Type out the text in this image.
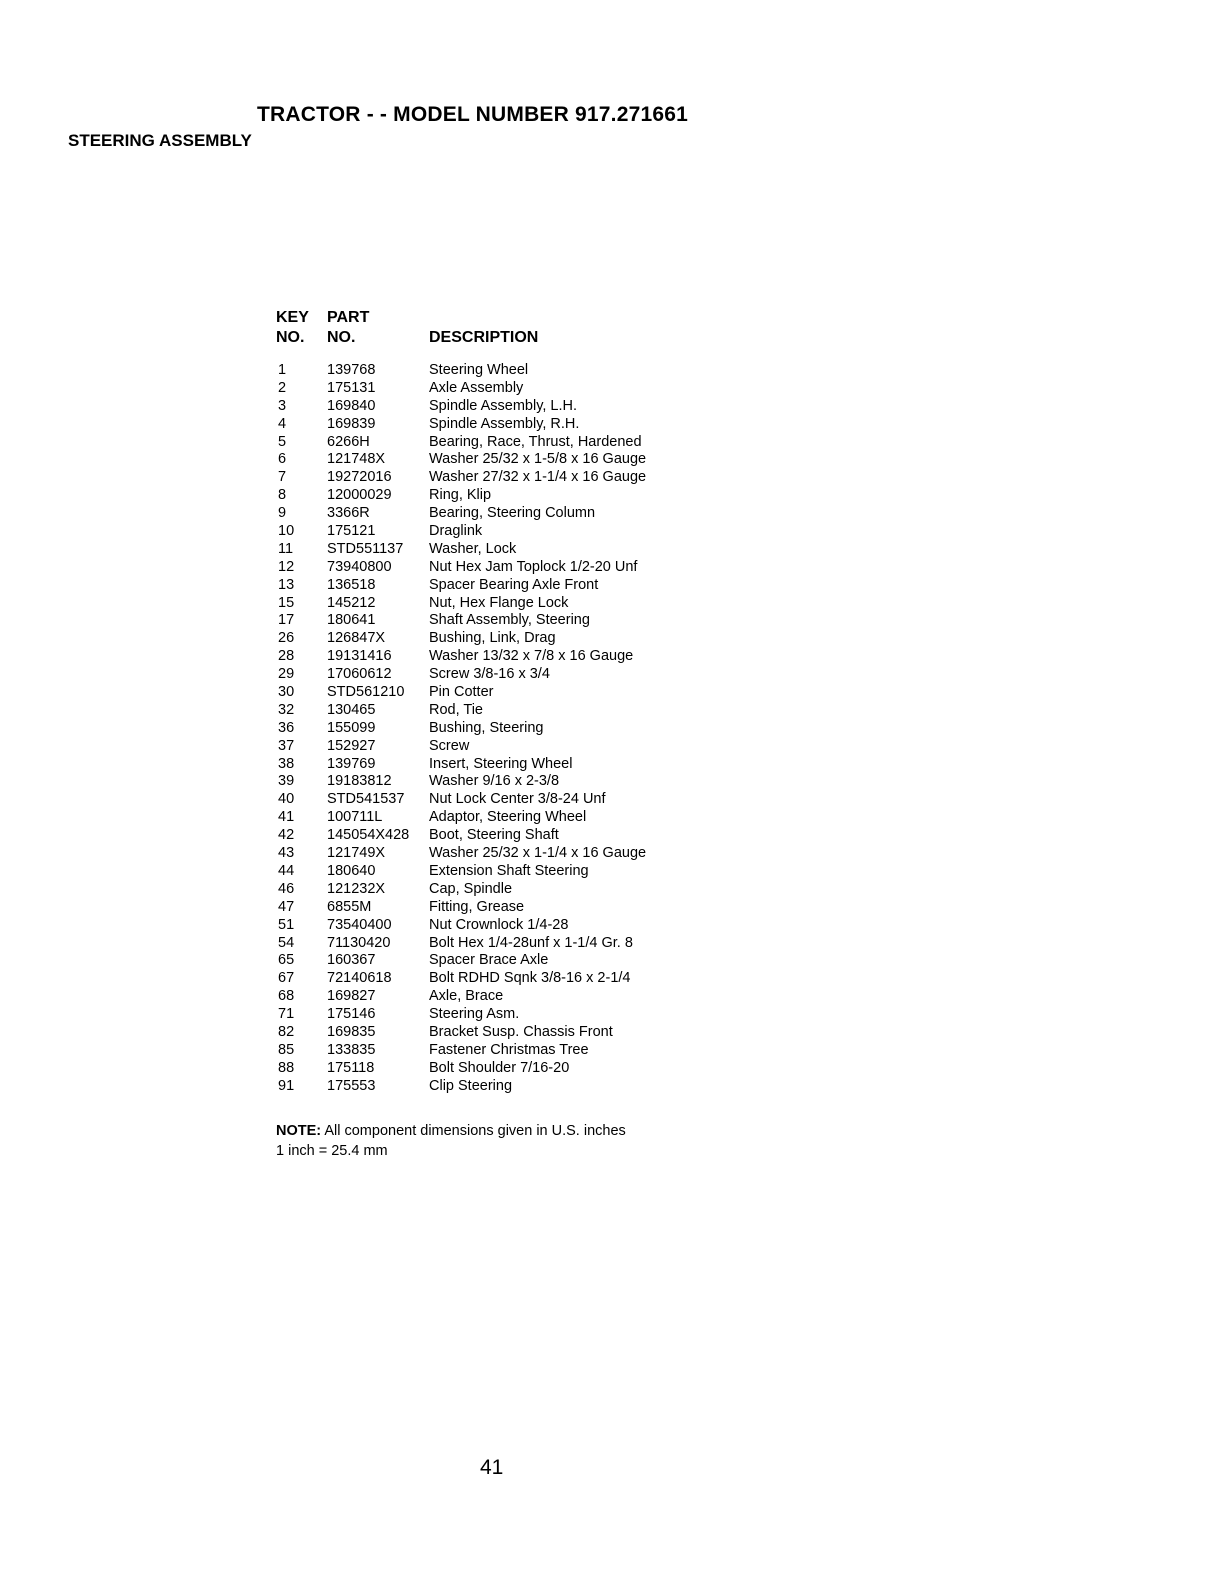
TRACTOR - - MODEL NUMBER 917.271661
STEERING ASSEMBLY
KEY
NO.
PART
NO.	DESCRIPTION
1	139768	Steering Wheel
2	175131	Axle Assembly
3	169840	Spindle Assembly, L.H.
4	169839	Spindle Assembly, R.H.
5	6266H	Bearing, Race, Thrust, Hardened
6	121748X	Washer 25/32 x 1-5/8 x 16 Gauge
7	19272016	Washer 27/32 x 1-1/4 x 16 Gauge
8	12000029	Ring, Klip
9	3366R	Bearing, Steering Column
10 175121	Draglink
11 STD551137 Washer, Lock
12 73940800	Nut Hex Jam Toplock 1/2-20 Unf
13 136518	Spacer Bearing Axle Front
15 145212	Nut, Hex Flange Lock
17 180641	Shaft Assembly, Steering
26 126847X	Bushing, Link, Drag
28 19131416	Washer 13/32 x 7/8 x 16 Gauge
29 17060612	Screw 3/8-16 x 3/4
30 STD561210 Pin Cotter
32 130465	Rod, Tie
36 155099	Bushing, Steering
37 152927	Screw
38 139769	Insert, Steering Wheel
39 19183812	Washer 9/16 x 2-3/8
40 STD541537 Nut Lock Center 3/8-24 Unf
41 100711L	Adaptor, Steering Wheel
42 145054X428 Boot, Steering Shaft
43 121749X	Washer 25/32 x 1-1/4 x 16 Gauge
44 180640	Extension Shaft Steering
46 121232X	Cap, Spindle
47 6855M	Fitting, Grease
51 73540400	Nut Crownlock 1/4-28
54 71130420	Bolt Hex 1/4-28unf x 1-1/4 Gr. 8
65 160367	Spacer Brace Axle
67 72140618	Bolt RDHD Sqnk 3/8-16 x 2-1/4
68 169827	Axle, Brace
71 175146	Steering Asm.
82 169835	Bracket Susp. Chassis Front
85 133835	Fastener Christmas Tree
88 175118	Bolt Shoulder 7/16-20
91 175553	Clip Steering
NOTE: All component dimensions given in U.S. inches
1 inch = 25.4 mm
41
